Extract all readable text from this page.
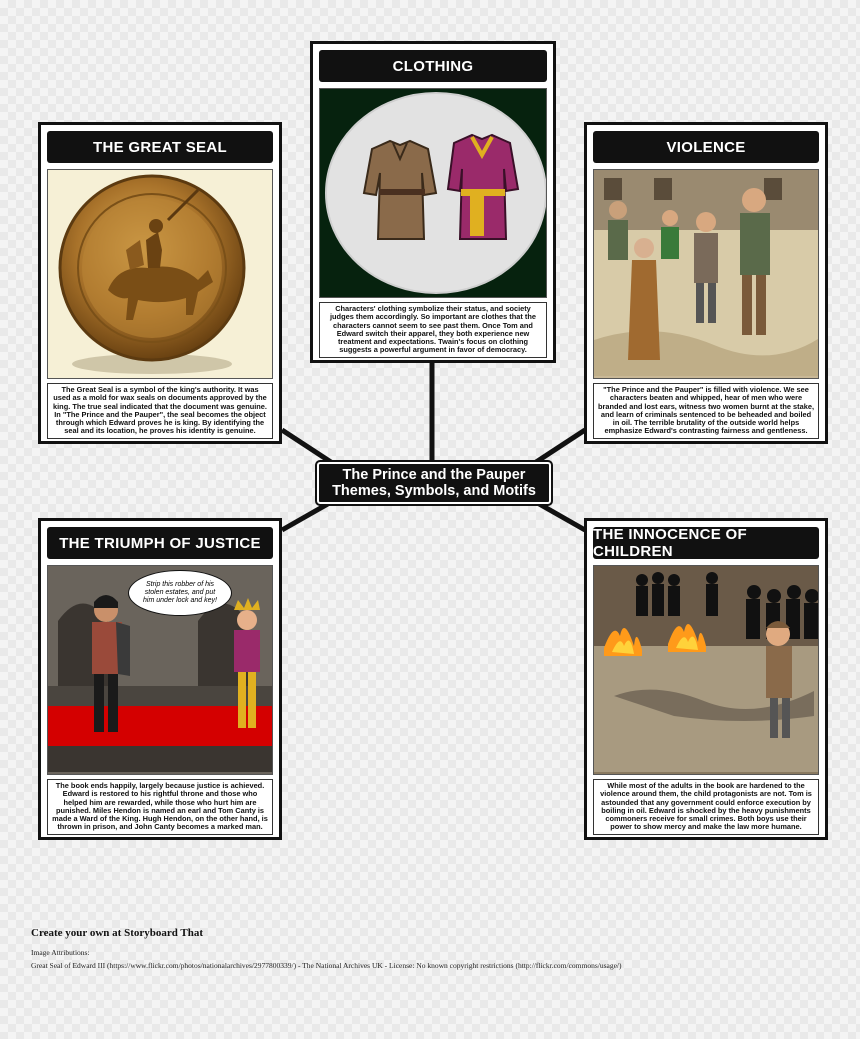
THE GREAT SEAL
The Great Seal is a symbol of the king's authority. It was used as a mold for wax seals on documents approved by the king. The true seal indicated that the document was genuine. In "The Prince and the Pauper", the seal becomes the object through which Edward proves he is king. By identifying the seal and its location, he proves his identity is genuine.
CLOTHING
Characters' clothing symbolize their status, and society judges them accordingly. So important are clothes that the characters cannot seem to see past them. Once Tom and Edward switch their apparel, they both experience new treatment and expectations. Twain's focus on clothing suggests a powerful argument in favor of democracy.
VIOLENCE
"The Prince and the Pauper" is filled with violence. We see characters beaten and whipped, hear of men who were branded and lost ears, witness two women burnt at the stake, and learn of criminals sentenced to be beheaded and boiled in oil. The terrible brutality of the outside world helps emphasize Edward's contrasting fairness and gentleness.
The Prince and the Pauper
Themes, Symbols, and Motifs
THE TRIUMPH OF JUSTICE
Strip this robber of his stolen estates, and put him under lock and key!
The book ends happily, largely because justice is achieved. Edward is restored to his rightful throne and those who helped him are rewarded, while those who hurt him are punished. Miles Hendon is named an earl and Tom Canty is made a Ward of the King. Hugh Hendon, on the other hand, is thrown in prison, and John Canty becomes a marked man.
THE INNOCENCE OF CHILDREN
While most of the adults in the book are hardened to the violence around them, the child protagonists are not. Tom is astounded that any government could enforce execution by boiling in oil. Edward is shocked by the heavy punishments commoners receive for small crimes. Both boys use their power to show mercy and make the law more humane.
Create your own at Storyboard That
Image Attributions:
Great Seal of Edward III (https://www.flickr.com/photos/nationalarchives/2977800339/) - The National Archives UK - License: No known copyright restrictions (http://flickr.com/commons/usage/)
